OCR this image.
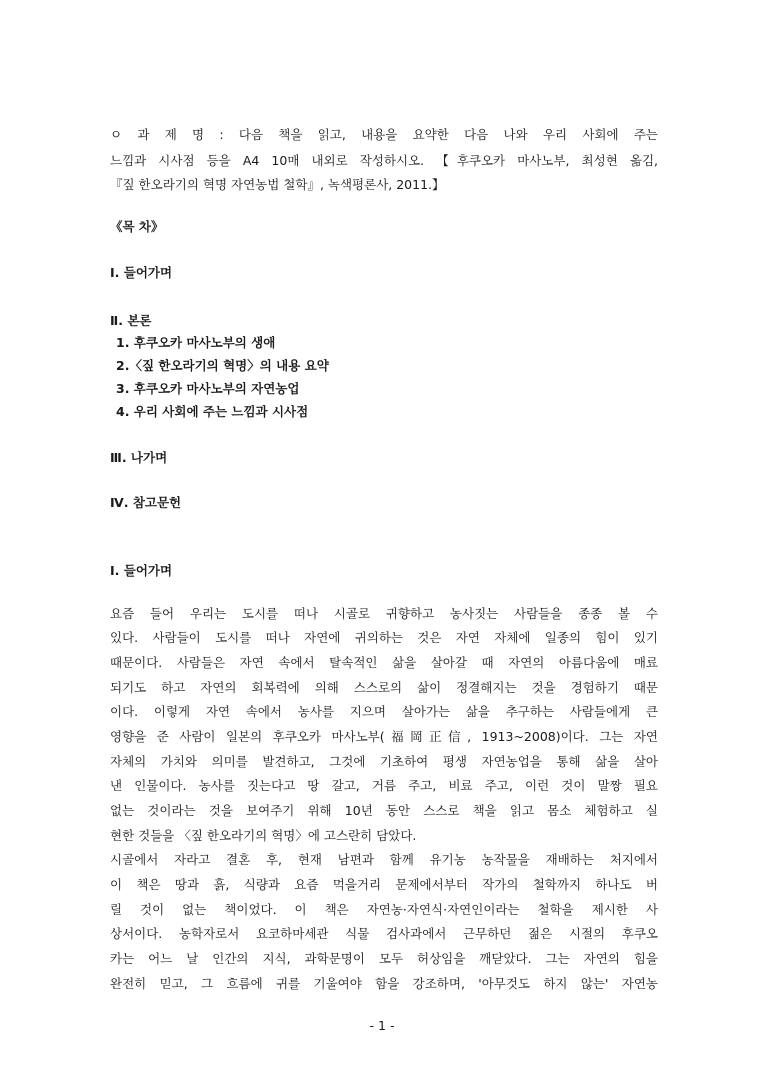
ㅇ 과 제 명 : 다음 책을 읽고, 내용을 요약한 다음 나와 우리 사회에 주는
느낌과 시사점 등을 A4 10매 내외로 작성하시오. 【후쿠오카 마사노부, 최성현 옮김,
『짚 한오라기의 혁명 자연농법 철학』, 녹색평론사, 2011.】
《목 차》
Ⅰ. 들어가며
Ⅱ. 본론
1. 후쿠오카 마사노부의 생애
2.〈짚 한오라기의 혁명〉의 내용 요약
3. 후쿠오카 마사노부의 자연농업
4. 우리 사회에 주는 느낌과 시사점
Ⅲ. 나가며
Ⅳ. 참고문헌
Ⅰ. 들어가며
요즘 들어 우리는 도시를 떠나 시골로 귀향하고 농사짓는 사람들을 종종 볼 수
있다. 사람들이 도시를 떠나 자연에 귀의하는 것은 자연 자체에 일종의 힘이 있기
때문이다. 사람들은 자연 속에서 탈속적인 삶을 살아갈 때 자연의 아름다움에 매료
되기도 하고 자연의 회복력에 의해 스스로의 삶이 정결해지는 것을 경험하기 때문
이다. 이렇게 자연 속에서 농사를 지으며 살아가는 삶을 추구하는 사람들에게 큰
영향을 준 사람이 일본의 후쿠오카 마사노부(福岡正信, 1913~2008)이다. 그는 자연
자체의 가치와 의미를 발견하고, 그것에 기초하여 평생 자연농업을 통해 삶을 살아
낸 인물이다. 농사를 짓는다고 땅 갈고, 거름 주고, 비료 주고, 이런 것이 말짱 필요
없는 것이라는 것을 보여주기 위해 10년 동안 스스로 책을 읽고 몸소 체험하고 실
현한 것들을 〈짚 한오라기의 혁명〉에 고스란히 담았다.
시골에서 자라고 결혼 후, 현재 남편과 함께 유기농 농작물을 재배하는 처지에서
이 책은 땅과 흙, 식량과 요즘 먹을거리 문제에서부터 작가의 철학까지 하나도 버
릴 것이 없는 책이었다. 이 책은 자연농·자연식·자연인이라는 철학을 제시한 사
상서이다. 농학자로서 요코하마세관 식물 검사과에서 근무하던 젊은 시절의 후쿠오
카는 어느 날 인간의 지식, 과학문명이 모두 허상임을 깨닫았다. 그는 자연의 힘을
완전히 믿고, 그 흐름에 귀를 기울여야 함을 강조하며, '아무것도 하지 않는' 자연농
- 1 -
